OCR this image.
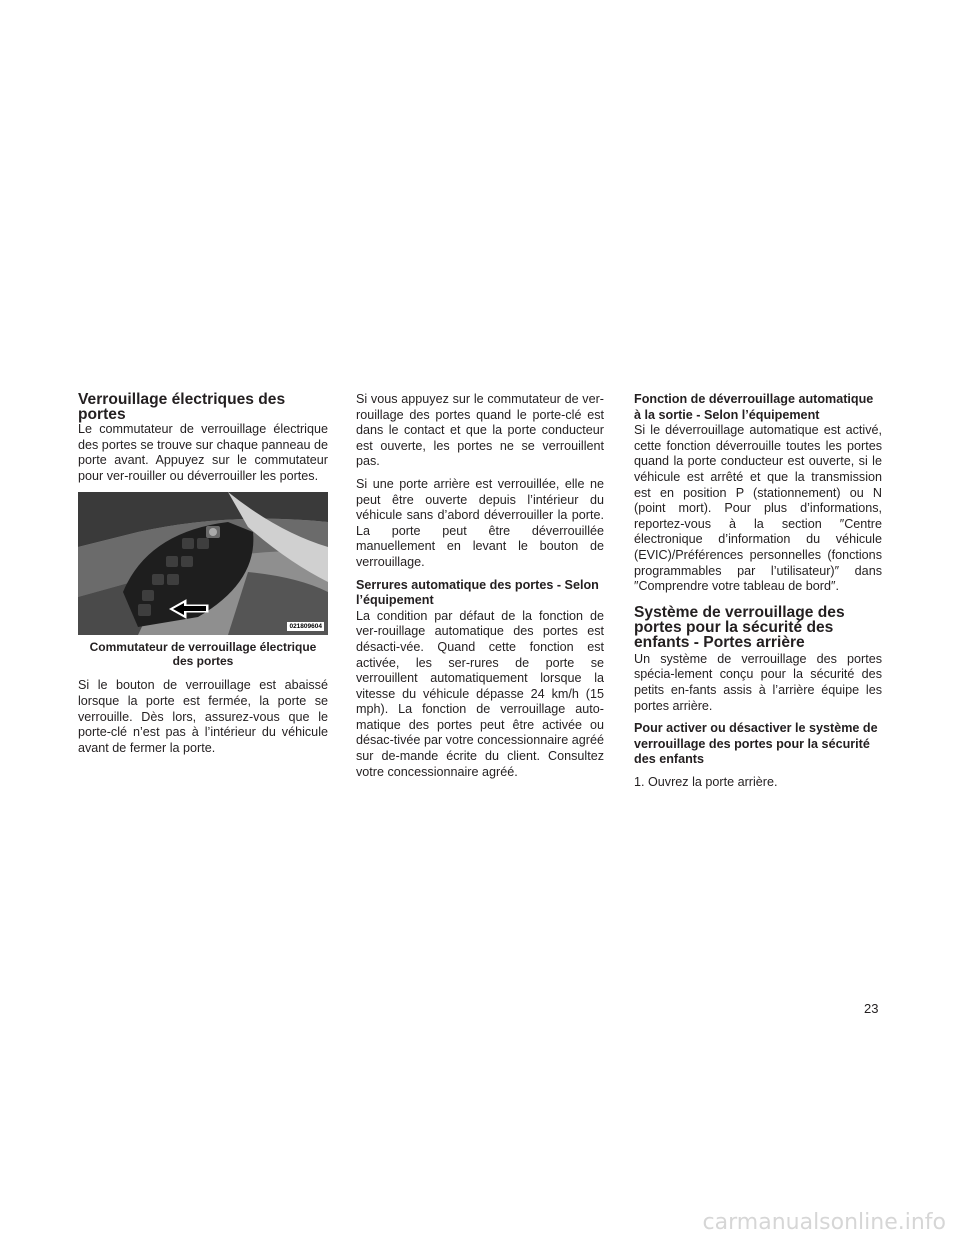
Verrouillage électriques des portes

Le commutateur de verrouillage électrique des portes se trouve sur chaque panneau de porte avant. Appuyez sur le commutateur pour ver-rouiller ou déverrouiller les portes.

021809604
Commutateur de verrouillage électrique des portes

Si le bouton de verrouillage est abaissé lorsque la porte est fermée, la porte se verrouille. Dès lors, assurez-vous que le porte-clé n’est pas à l’intérieur du véhicule avant de fermer la porte.

Si vous appuyez sur le commutateur de ver-rouillage des portes quand le porte-clé est dans le contact et que la porte conducteur est ouverte, les portes ne se verrouillent pas.

Si une porte arrière est verrouillée, elle ne peut être ouverte depuis l’intérieur du véhicule sans d’abord déverrouiller la porte. La porte peut être déverrouillée manuellement en levant le bouton de verrouillage.

Serrures automatique des portes - Selon l’équipement

La condition par défaut de la fonction de ver-rouillage automatique des portes est désacti-vée. Quand cette fonction est activée, les ser-rures de porte se verrouillent automatiquement lorsque la vitesse du véhicule dépasse 24 km/h (15 mph). La fonction de verrouillage auto-matique des portes peut être activée ou désac-tivée par votre concessionnaire agréé sur de-mande écrite du client. Consultez votre concessionnaire agréé.

Fonction de déverrouillage automatique à la sortie - Selon l’équipement

Si le déverrouillage automatique est activé, cette fonction déverrouille toutes les portes quand la porte conducteur est ouverte, si le véhicule est arrêté et que la transmission est en position P (stationnement) ou N (point mort). Pour plus d’informations, reportez-vous à la section ″Centre électronique d’information du véhicule (EVIC)/Préférences personnelles (fonctions programmables par l’utilisateur)″ dans ″Comprendre votre tableau de bord″.

Système de verrouillage des portes pour la sécurité des enfants - Portes arrière

Un système de verrouillage des portes spécia-lement conçu pour la sécurité des petits en-fants assis à l’arrière équipe les portes arrière.

Pour activer ou désactiver le système de verrouillage des portes pour la sécurité des enfants

1. Ouvrez la porte arrière.

23
carmanualsonline.info
